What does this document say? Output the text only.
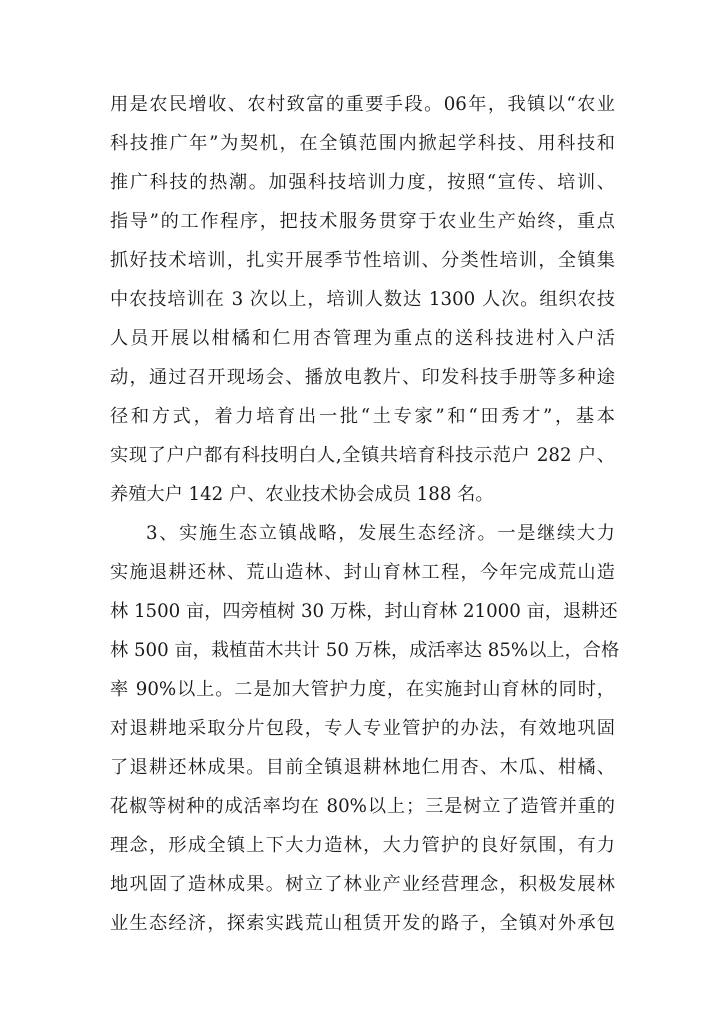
用是农民增收、农村致富的重要手段。06年，我镇以“农业
科技推广年”为契机，在全镇范围内掀起学科技、用科技和
推广科技的热潮。加强科技培训力度，按照“宣传、培训、
指导”的工作程序，把技术服务贯穿于农业生产始终，重点
抓好技术培训，扎实开展季节性培训、分类性培训，全镇集
中农技培训在 3 次以上，培训人数达 1300 人次。组织农技
人员开展以柑橘和仁用杏管理为重点的送科技进村入户活
动，通过召开现场会、播放电教片、印发科技手册等多种途
径和方式，着力培育出一批“土专家”和“田秀才”，基本
实现了户户都有科技明白人,全镇共培育科技示范户 282 户、
养殖大户 142 户、农业技术协会成员 188 名。
3、实施生态立镇战略，发展生态经济。一是继续大力
实施退耕还林、荒山造林、封山育林工程，今年完成荒山造
林 1500 亩，四旁植树 30 万株，封山育林 21000 亩，退耕还
林 500 亩，栽植苗木共计 50 万株，成活率达 85%以上，合格
率 90%以上。二是加大管护力度，在实施封山育林的同时，
对退耕地采取分片包段，专人专业管护的办法，有效地巩固
了退耕还林成果。目前全镇退耕林地仁用杏、木瓜、柑橘、
花椒等树种的成活率均在 80%以上；三是树立了造管并重的
理念，形成全镇上下大力造林，大力管护的良好氛围，有力
地巩固了造林成果。树立了林业产业经营理念，积极发展林
业生态经济，探索实践荒山租赁开发的路子，全镇对外承包
